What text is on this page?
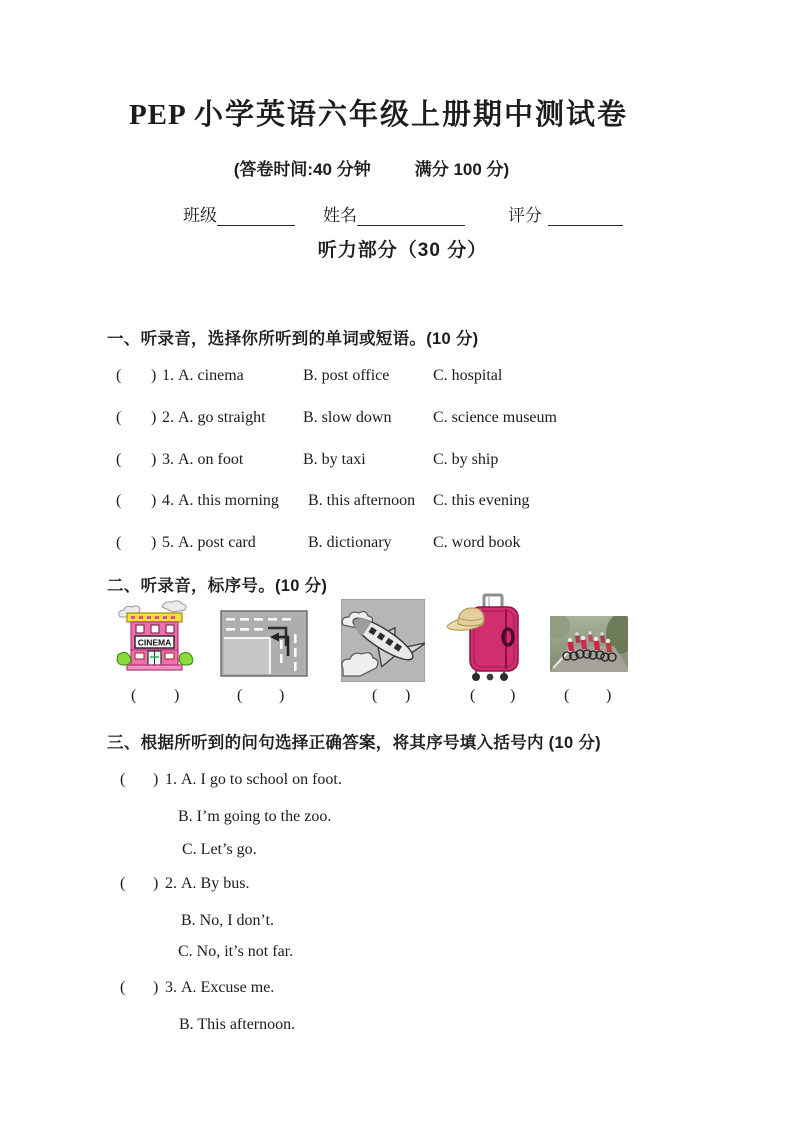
PEP 小学英语六年级上册期中测试卷
(答卷时间:40 分钟	满分 100 分)
班级	姓名	评分
听力部分（30 分）
一、听录音，选择你所听到的单词或短语。(10 分)
( ) 1. A. cinema	B. post office	C. hospital
( ) 2. A. go straight B. slow down	C. science museum
( ) 3. A. on foot	B. by taxi	C. by ship
( ) 4. A. this morning B. this afternoon C. this evening
( ) 5. A. post card	B. dictionary	C. word book
二、听录音，标序号。(10 分)
CINEMA
( )	( )	( )	( )	( )
三、根据所听到的问句选择正确答案，将其序号填入括号内 (10 分)
( ) 1. A. I go to school on foot.
B. I’m going to the zoo.
C. Let’s go.
( ) 2. A. By bus.
B. No, I don’t.
C. No, it’s not far.
( ) 3. A. Excuse me.
B. This afternoon.
